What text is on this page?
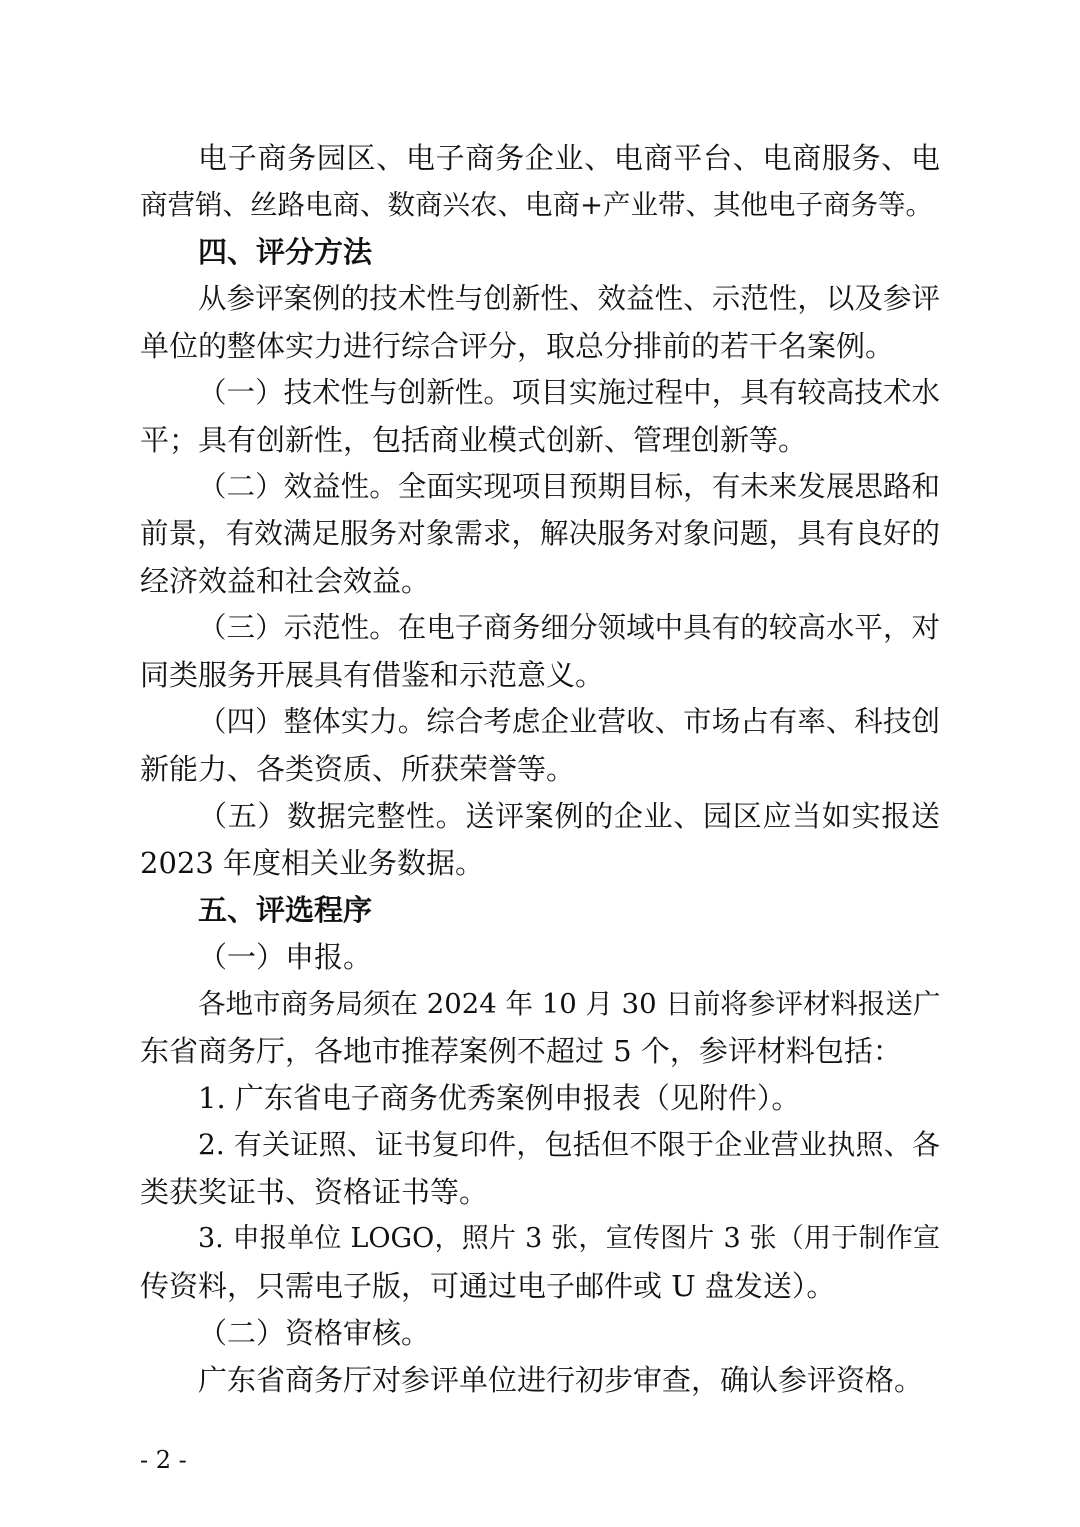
电子商务园区、电子商务企业、电商平台、电商服务、电
商营销、丝路电商、数商兴农、电商+产业带、其他电子商务等。
四、评分方法
从参评案例的技术性与创新性、效益性、示范性，以及参评
单位的整体实力进行综合评分，取总分排前的若干名案例。
（一）技术性与创新性。项目实施过程中，具有较高技术水
平；具有创新性，包括商业模式创新、管理创新等。
（二）效益性。全面实现项目预期目标，有未来发展思路和
前景，有效满足服务对象需求，解决服务对象问题，具有良好的
经济效益和社会效益。
（三）示范性。在电子商务细分领域中具有的较高水平，对
同类服务开展具有借鉴和示范意义。
（四）整体实力。综合考虑企业营收、市场占有率、科技创
新能力、各类资质、所获荣誉等。
（五）数据完整性。送评案例的企业、园区应当如实报送
2023 年度相关业务数据。
五、评选程序
（一）申报。
各地市商务局须在 2024 年 10 月 30 日前将参评材料报送广
东省商务厅，各地市推荐案例不超过 5 个，参评材料包括：
1. 广东省电子商务优秀案例申报表（见附件）。
2. 有关证照、证书复印件，包括但不限于企业营业执照、各
类获奖证书、资格证书等。
3. 申报单位 LOGO，照片 3 张，宣传图片 3 张（用于制作宣
传资料，只需电子版，可通过电子邮件或 U 盘发送）。
（二）资格审核。
广东省商务厅对参评单位进行初步审查，确认参评资格。
- 2 -
